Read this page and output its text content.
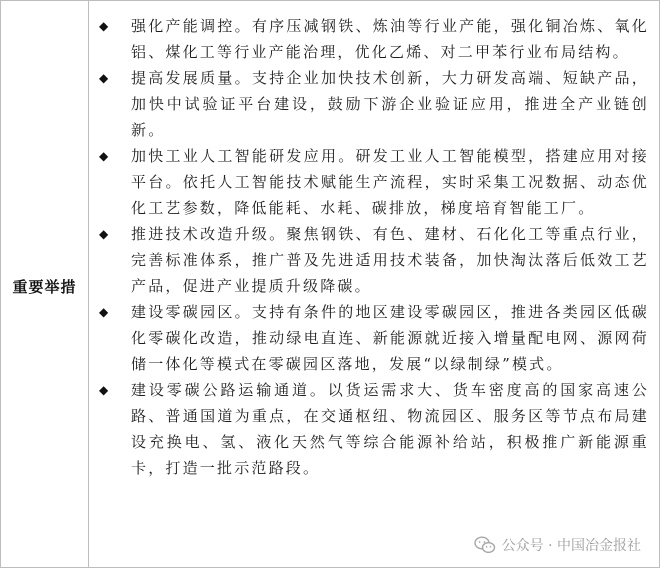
重要举措
◆	强化产能调控。有序压减钢铁、炼油等行业产能，强化铜冶炼、氧化铝、煤化工等行业产能治理，优化乙烯、对二甲苯行业布局结构。
◆	提高发展质量。支持企业加快技术创新，大力研发高端、短缺产品，加快中试验证平台建设，鼓励下游企业验证应用，推进全产业链创新。
◆	加快工业人工智能研发应用。研发工业人工智能模型，搭建应用对接平台。依托人工智能技术赋能生产流程，实时采集工况数据、动态优化工艺参数，降低能耗、水耗、碳排放，梯度培育智能工厂。
◆	推进技术改造升级。聚焦钢铁、有色、建材、石化化工等重点行业，完善标准体系，推广普及先进适用技术装备，加快淘汰落后低效工艺产品，促进产业提质升级降碳。
◆	建设零碳园区。支持有条件的地区建设零碳园区，推进各类园区低碳化零碳化改造，推动绿电直连、新能源就近接入增量配电网、源网荷储一体化等模式在零碳园区落地，发展“以绿制绿”模式。
◆	建设零碳公路运输通道。以货运需求大、货车密度高的国家高速公路、普通国道为重点，在交通枢纽、物流园区、服务区等节点布局建设充换电、氢、液化天然气等综合能源补给站，积极推广新能源重卡，打造一批示范路段。
公众号 · 中国冶金报社
